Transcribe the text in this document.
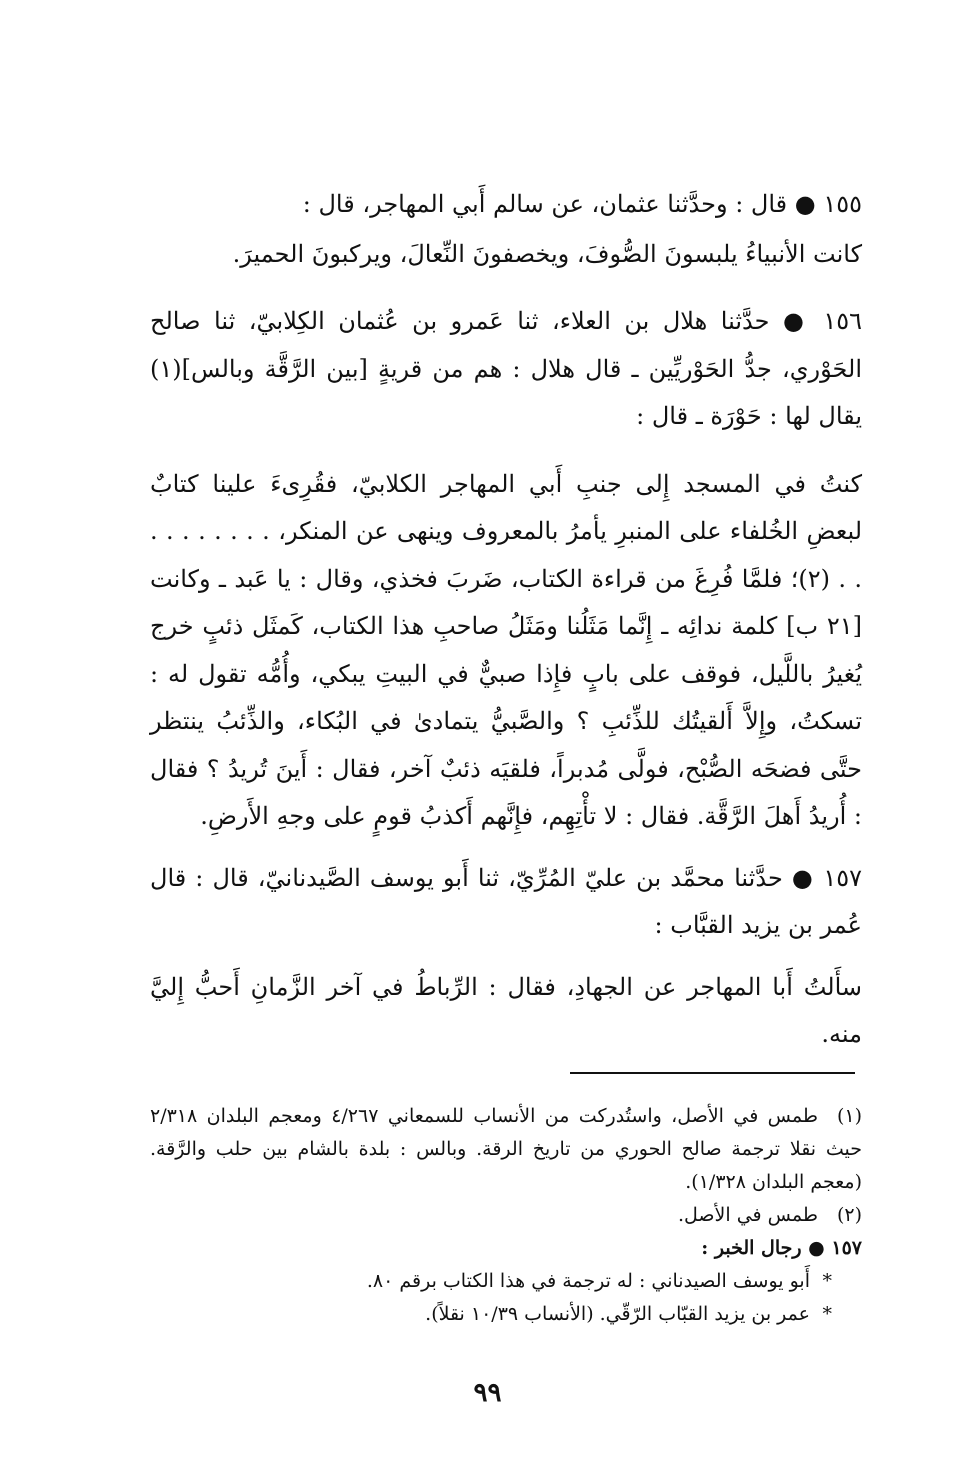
١٥٥ ● قال : وحدَّثنا عثمان، عن سالم أَبي المهاجر، قال :

كانت الأنبياءُ يلبسونَ الصُّوفَ، ويخصفونَ النِّعالَ، ويركبونَ الحميرَ.

١٥٦ ● حدَّثنا هلال بن العلاء، ثنا عَمرو بن عُثمان الكِلابيّ، ثنا صالح الحَوْري، جدُّ الحَوْريِّين ـ قال هلال : هم من قريةٍ [بين الرَّقَّة وبالس](١) يقال لها : حَوْرَة ـ قال :

كنتُ في المسجد إِلى جنبِ أَبي المهاجر الكلابيّ، فقُرِىءَ علينا كتابٌ لبعضِ الخُلفاء على المنبرِ يأمرُ بالمعروف وينهى عن المنكر، . . . . . . . . . . (٢)؛ فلمَّا فُرِغَ من قراءة الكتاب، ضَربَ فخذي، وقال : يا عَبد ـ وكانت [٢١ ب] كلمة ندائِه ـ إِنَّما مَثَلُنا ومَثَلُ صاحبِ هذا الكتاب، كَمثَل ذئبٍ خرج يُغيرُ باللَّيل، فوقف على بابٍ فإِذا صبيٌّ في البيتِ يبكي، وأُمُّه تقول له : تسكتُ، وإِلاَّ أَلقيتُك للذِّئبِ ؟ والصَّبيُّ يتمادىٰ في البُكاء، والذِّئبُ ينتظر حتَّى فضحَه الصُّبْح، فولَّى مُدبراً، فلقيَه ذئبٌ آخر، فقال : أَينَ تُريدُ ؟ فقال : أُريدُ أَهلَ الرَّقَّة. فقال : لا تأْتِهِم، فإِنَّهم أَكذبُ قومٍ على وجهِ الأَرضِ.

١٥٧ ● حدَّثنا محمَّد بن عليّ المُرِّيّ، ثنا أَبو يوسف الصَّيدنانيّ، قال : قال عُمر بن يزيد القبَّاب :

سأَلتُ أَبا المهاجر عن الجهادِ، فقال : الرِّباطُ في آخر الزَّمانِ أَحبُّ إِليَّ منه.

(١)طمس في الأصل، واستُدركت من الأنساب للسمعاني ٤/٢٦٧ ومعجم البلدان ٢/٣١٨ حيث نقلا ترجمة صالح الحوري من تاريخ الرقة. وبالس : بلدة بالشام بين حلب والرَّقة. (معجم البلدان ١/٣٢٨).
(٢)طمس في الأصل.
١٥٧ ● رجال الخبر :
*أَبو يوسف الصيدناني : له ترجمة في هذا الكتاب برقم ٨٠.
*عمر بن يزيد القبّاب الرّقّي. (الأنساب ١٠/٣٩ نقلاً).
٩٩
